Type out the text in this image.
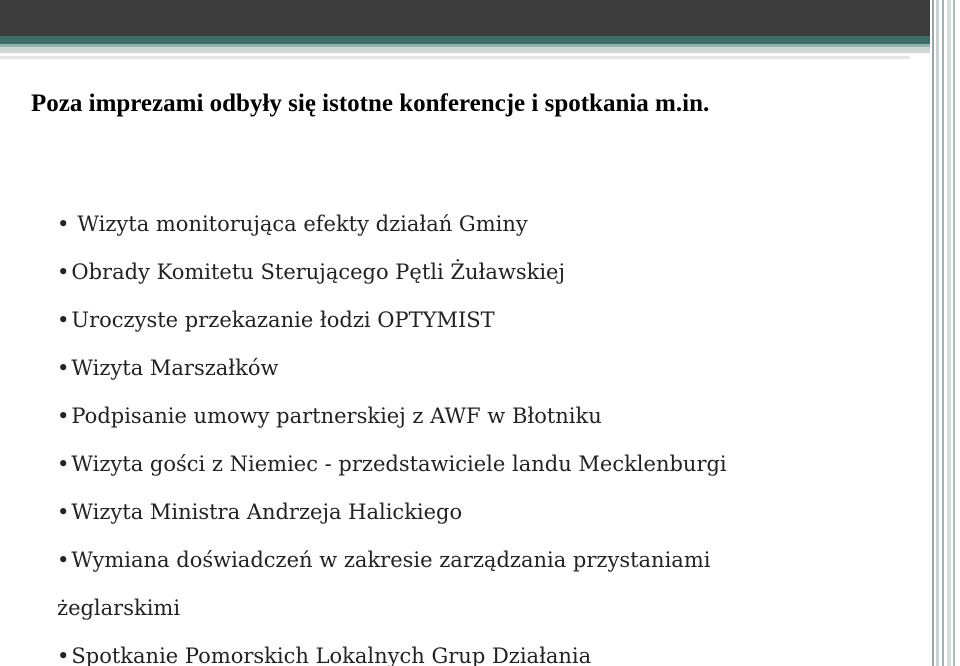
Poza imprezami odbyły się istotne konferencje i spotkania m.in.
• Wizyta monitorująca efekty działań Gminy
•Obrady Komitetu Sterującego Pętli Żuławskiej
•Uroczyste przekazanie łodzi OPTYMIST
•Wizyta Marszałków
•Podpisanie umowy partnerskiej z AWF w Błotniku
•Wizyta gości z Niemiec - przedstawiciele landu Mecklenburgi
•Wizyta Ministra Andrzeja Halickiego
•Wymiana doświadczeń w zakresie zarządzania przystaniami
żeglarskimi
•Spotkanie Pomorskich Lokalnych Grup Działania
